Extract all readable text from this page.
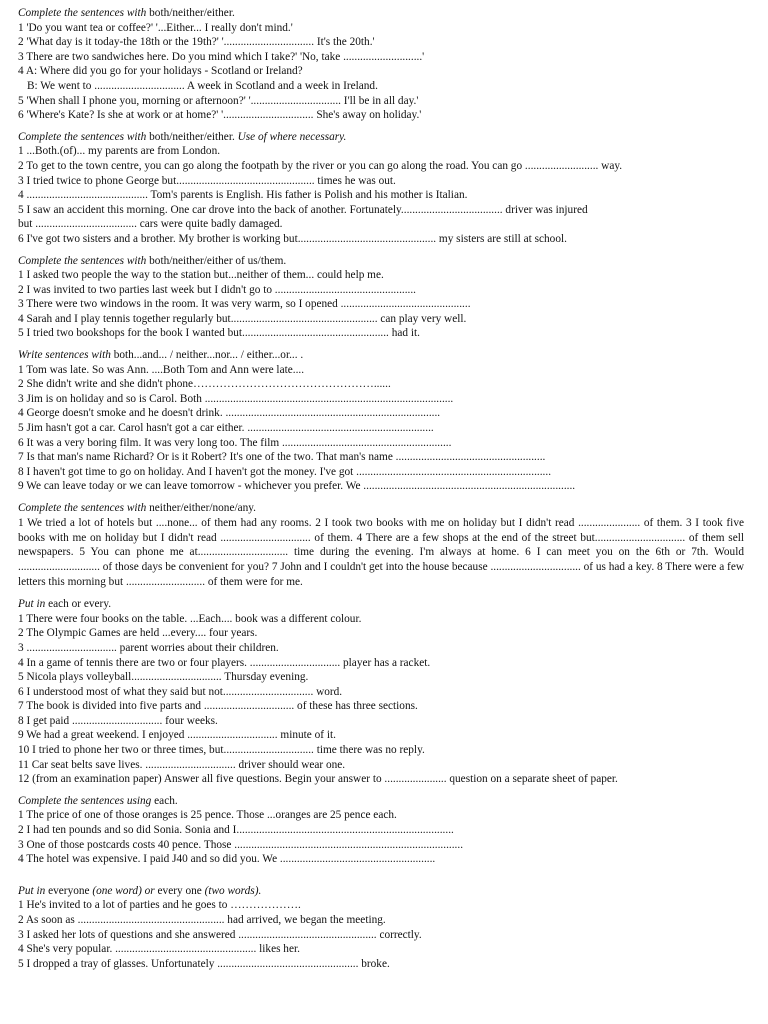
Complete the sentences with both/neither/either.
1 'Do you want tea or coffee?' '...Either... I really don't mind.'
2 'What day is it today-the 18th or the 19th?' '................................ It's the 20th.'
3 There are two sandwiches here. Do you mind which I take?' 'No, take ............................'
4 A: Where did you go for your holidays - Scotland or Ireland?
B: We went to ................................ A week in Scotland and a week in Ireland.
5 'When shall I phone you, morning or afternoon?' '................................ I'll be in all day.'
6 'Where's Kate? Is she at work or at home?' '................................ She's away on holiday.'
Complete the sentences with both/neither/either. Use of where necessary.
1 ...Both.(of)... my parents are from London.
2 To get to the town centre, you can go along the footpath by the river or you can go along the road. You can go .......................... way.
3 I tried twice to phone George but................................................. times he was out.
4 ........................................... Tom's parents is English. His father is Polish and his mother is Italian.
5 I saw an accident this morning. One car drove into the back of another. Fortunately.................................... driver was injured
but .................................... cars were quite badly damaged.
6 I've got two sisters and a brother. My brother is working but................................................. my sisters are still at school.
Complete the sentences with both/neither/either of us/them.
1 I asked two people the way to the station but...neither of them... could help me.
2 I was invited to two parties last week but I didn't go to ..................................................
3 There were two windows in the room. It was very warm, so I opened ..............................................
4 Sarah and I play tennis together regularly but.................................................... can play very well.
5 I tried two bookshops for the book I wanted but.................................................... had it.
Write sentences with both...and... / neither...nor... / either...or... .
1 Tom was late. So was Ann. ....Both Tom and Ann were late....
2 She didn't write and she didn't phone…………………………………………......
3 Jim is on holiday and so is Carol. Both ........................................................................................
4 George doesn't smoke and he doesn't drink. ............................................................................
5 Jim hasn't got a car. Carol hasn't got a car either. ..................................................................
6 It was a very boring film. It was very long too. The film ............................................................
7 Is that man's name Richard? Or is it Robert? It's one of the two. That man's name .....................................................
8 I haven't got time to go on holiday. And I haven't got the money. I've got .....................................................................
9 We can leave today or we can leave tomorrow - whichever you prefer. We ...........................................................................
Complete the sentences with neither/either/none/any.

1 We tried a lot of hotels but ....none... of them had any rooms. 2 I took two books with me on holiday but I didn't read ...................... of them. 3 I took five books with me on holiday but I didn't read ................................ of them. 4 There are a few shops at the end of the street but................................ of them sell newspapers. 5 You can phone me at................................ time during the evening. I'm always at home. 6 I can meet you on the 6th or 7th. Would ............................. of those days be convenient for you? 7 John and I couldn't get into the house because ................................ of us had a key. 8 There were a few letters this morning but ............................ of them were for me.

Put in each or every.
1 There were four books on the table. ...Each.... book was a different colour.
2 The Olympic Games are held ...every.... four years.
3 ................................ parent worries about their children.
4 In a game of tennis there are two or four players. ................................ player has a racket.
5 Nicola plays volleyball................................ Thursday evening.
6 I understood most of what they said but not................................ word.
7 The book is divided into five parts and ................................ of these has three sections.
8 I get paid ................................ four weeks.
9 We had a great weekend. I enjoyed ................................ minute of it.
10 I tried to phone her two or three times, but................................ time there was no reply.
11 Car seat belts save lives. ................................ driver should wear one.
12 (from an examination paper) Answer all five questions. Begin your answer to ...................... question on a separate sheet of paper.
Complete the sentences using each.
1 The price of one of those oranges is 25 pence. Those ...oranges are 25 pence each.
2 I had ten pounds and so did Sonia. Sonia and I.............................................................................
3 One of those postcards costs 40 pence. Those .................................................................................
4 The hotel was expensive. I paid J40 and so did you. We .......................................................
Put in everyone (one word) or every one (two words).
1 He's invited to a lot of parties and he goes to ……………….
2 As soon as .................................................... had arrived, we began the meeting.
3 I asked her lots of questions and she answered ................................................. correctly.
4 She's very popular. .................................................. likes her.
5 I dropped a tray of glasses. Unfortunately .................................................. broke.
